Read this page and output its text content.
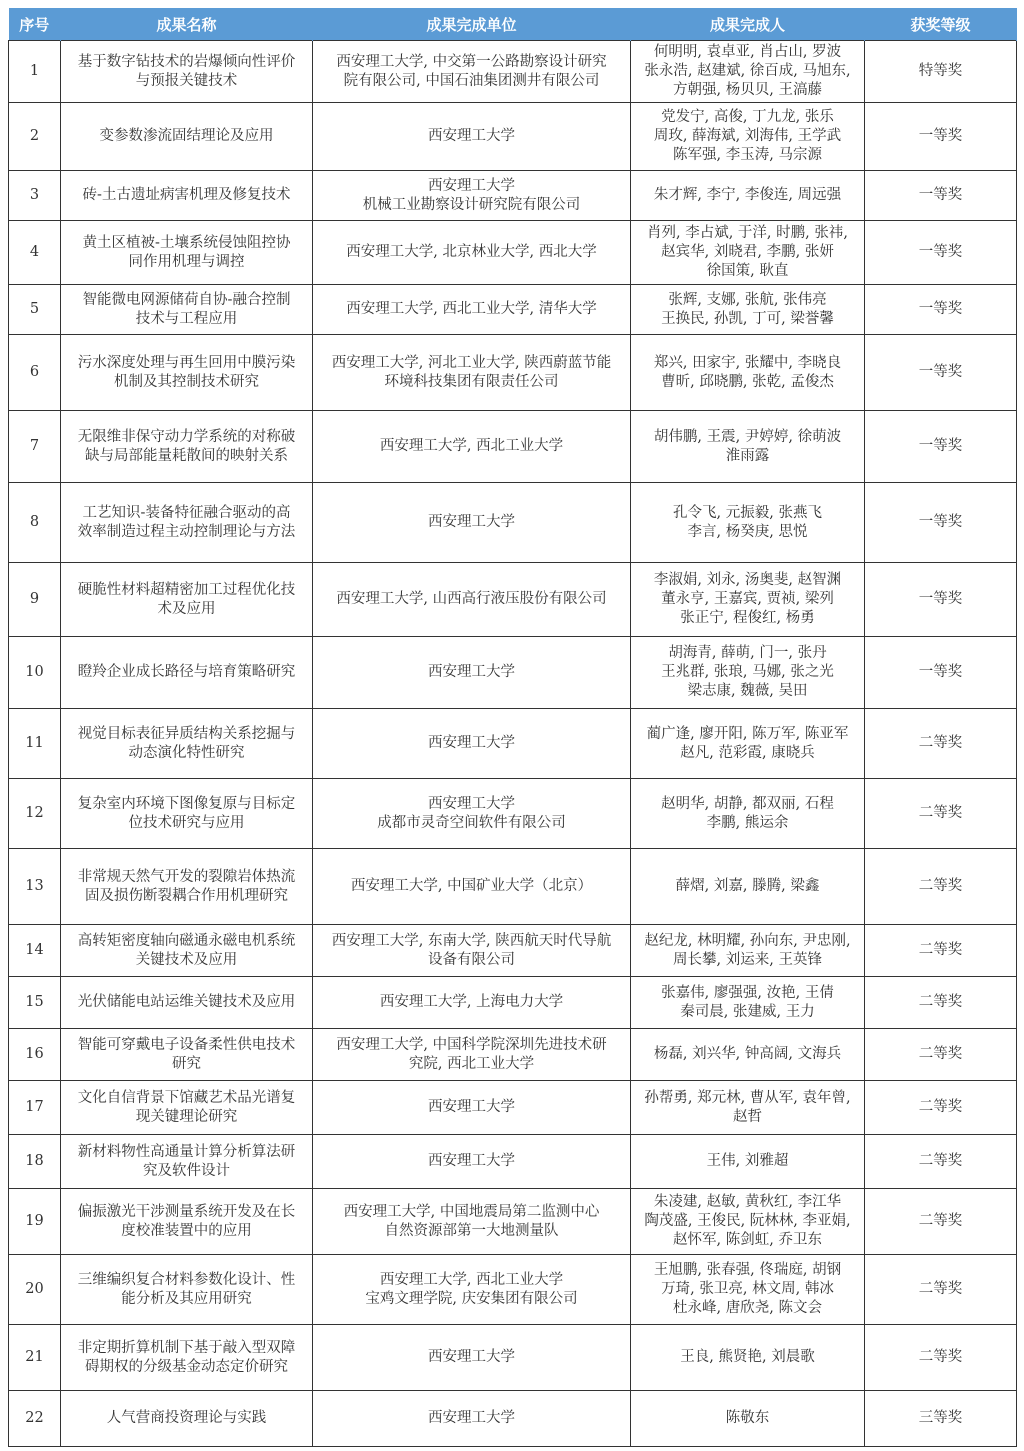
序号	成果名称	成果完成单位	成果完成人	获奖等级
1	基于数字钻技术的岩爆倾向性评价
与预报关键技术	西安理工大学, 中交第一公路勘察设计研究
院有限公司, 中国石油集团测井有限公司	何明明, 袁卓亚, 肖占山, 罗波
张永浩, 赵建斌, 徐百成, 马旭东,
方朝强, 杨贝贝, 王滈藤	特等奖
2	变参数渗流固结理论及应用	西安理工大学	党发宁, 高俊, 丁九龙, 张乐
周玫, 薛海斌, 刘海伟, 王学武
陈军强, 李玉涛, 马宗源	一等奖
3	砖-土古遗址病害机理及修复技术	西安理工大学
机械工业勘察设计研究院有限公司	朱才辉, 李宁, 李俊连, 周远强	一等奖
4	黄土区植被-土壤系统侵蚀阻控协
同作用机理与调控	西安理工大学, 北京林业大学, 西北大学	肖列, 李占斌, 于洋, 时鹏, 张祎,
赵宾华, 刘晓君, 李鹏, 张妍
徐国策, 耿直	一等奖
5	智能微电网源储荷自协-融合控制
技术与工程应用	西安理工大学, 西北工业大学, 清华大学	张辉, 支娜, 张航, 张伟亮
王换民, 孙凯, 丁可, 梁誉馨	一等奖
6	污水深度处理与再生回用中膜污染
机制及其控制技术研究	西安理工大学, 河北工业大学, 陕西蔚蓝节能
环境科技集团有限责任公司	郑兴, 田家宇, 张耀中, 李晓良
曹昕, 邱晓鹏, 张乾, 孟俊杰	一等奖
7	无限维非保守动力学系统的对称破
缺与局部能量耗散间的映射关系	西安理工大学, 西北工业大学	胡伟鹏, 王震, 尹婷婷, 徐萌波
淮雨露	一等奖
8	工艺知识-装备特征融合驱动的高
效率制造过程主动控制理论与方法	西安理工大学	孔令飞, 元振毅, 张燕飞
李言, 杨癸庚, 思悦	一等奖
9	硬脆性材料超精密加工过程优化技
术及应用	西安理工大学, 山西高行液压股份有限公司	李淑娟, 刘永, 汤奥斐, 赵智渊
董永亨, 王嘉宾, 贾祯, 梁列
张正宁, 程俊红, 杨勇	一等奖
10	瞪羚企业成长路径与培育策略研究	西安理工大学	胡海青, 薛萌, 门一, 张丹
王兆群, 张琅, 马娜, 张之光
梁志康, 魏薇, 吴田	一等奖
11	视觉目标表征异质结构关系挖掘与
动态演化特性研究	西安理工大学	蔺广逢, 廖开阳, 陈万军, 陈亚军
赵凡, 范彩霞, 康晓兵	二等奖
12	复杂室内环境下图像复原与目标定
位技术研究与应用	西安理工大学
成都市灵奇空间软件有限公司	赵明华, 胡静, 都双丽, 石程
李鹏, 熊运余	二等奖
13	非常规天然气开发的裂隙岩体热流
固及损伤断裂耦合作用机理研究	西安理工大学, 中国矿业大学（北京）	薛熠, 刘嘉, 滕腾, 梁鑫	二等奖
14	高转矩密度轴向磁通永磁电机系统
关键技术及应用	西安理工大学, 东南大学, 陕西航天时代导航
设备有限公司	赵纪龙, 林明耀, 孙向东, 尹忠刚,
周长攀, 刘运来, 王英锋	二等奖
15	光伏储能电站运维关键技术及应用	西安理工大学, 上海电力大学	张嘉伟, 廖强强, 汝艳, 王倩
秦司晨, 张建威, 王力	二等奖
16	智能可穿戴电子设备柔性供电技术
研究	西安理工大学, 中国科学院深圳先进技术研
究院, 西北工业大学	杨磊, 刘兴华, 钟高阔, 文海兵	二等奖
17	文化自信背景下馆藏艺术品光谱复
现关键理论研究	西安理工大学	孙帮勇, 郑元林, 曹从军, 袁年曾,
赵哲	二等奖
18	新材料物性高通量计算分析算法研
究及软件设计	西安理工大学	王伟, 刘雅超	二等奖
19	偏振激光干涉测量系统开发及在长
度校准装置中的应用	西安理工大学, 中国地震局第二监测中心
自然资源部第一大地测量队	朱凌建, 赵敏, 黄秋红, 李江华
陶茂盛, 王俊民, 阮林林, 李亚娟,
赵怀军, 陈剑虹, 乔卫东	二等奖
20	三维编织复合材料参数化设计、性
能分析及其应用研究	西安理工大学, 西北工业大学
宝鸡文理学院, 庆安集团有限公司	王旭鹏, 张春强, 佟瑞庭, 胡钢
万琦, 张卫亮, 林文周, 韩冰
杜永峰, 唐欣尧, 陈文会	二等奖
21	非定期折算机制下基于敲入型双障
碍期权的分级基金动态定价研究	西安理工大学	王良, 熊贤艳, 刘晨歌	二等奖
22	人气营商投资理论与实践	西安理工大学	陈敬东	三等奖
